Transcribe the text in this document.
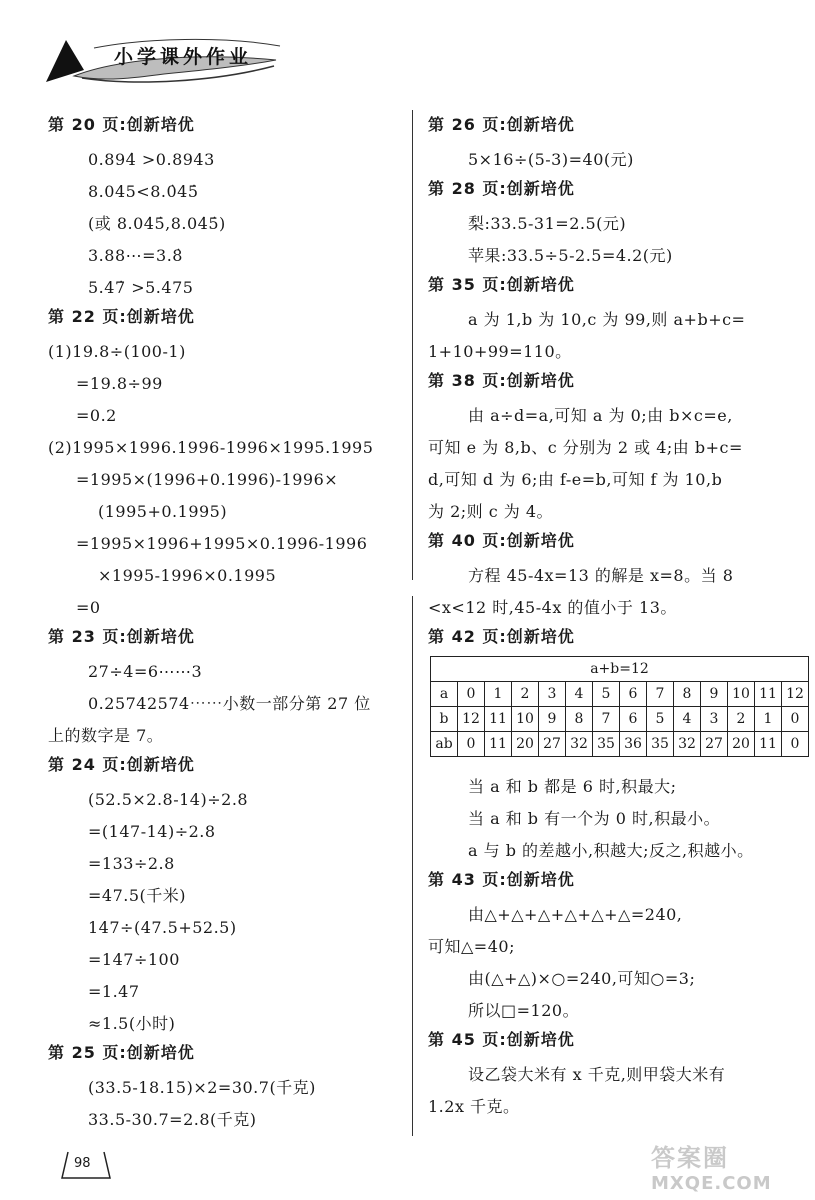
小学课外作业
第 20 页:创新培优
0.894̇ >0.8943
8.045<8.0̇45̇
(或 8.04̇5̇,8.04̇5̇)
3.88⋯=3.8̇
5.47̇ >5.475
第 22 页:创新培优
(1)19.8÷(100-1)
=19.8÷99
=0.2
(2)1995×1996.1996-1996×1995.1995
=1995×(1996+0.1996)-1996×
(1995+0.1995)
=1995×1996+1995×0.1996-1996
×1995-1996×0.1995
=0
第 23 页:创新培优
27÷4=6⋯⋯3
0.25742574⋯⋯小数一部分第 27 位
上的数字是 7。
第 24 页:创新培优
(52.5×2.8-14)÷2.8
=(147-14)÷2.8
=133÷2.8
=47.5(千米)
147÷(47.5+52.5)
=147÷100
=1.47
≈1.5(小时)
第 25 页:创新培优
(33.5-18.15)×2=30.7(千克)
33.5-30.7=2.8(千克)
第 26 页:创新培优
5×16÷(5-3)=40(元)
第 28 页:创新培优
梨:33.5-31=2.5(元)
苹果:33.5÷5-2.5=4.2(元)
第 35 页:创新培优
a 为 1,b 为 10,c 为 99,则 a+b+c=
1+10+99=110。
第 38 页:创新培优
由 a÷d=a,可知 a 为 0;由 b×c=e,
可知 e 为 8,b、c 分别为 2 或 4;由 b+c=
d,可知 d 为 6;由 f-e=b,可知 f 为 10,b
为 2;则 c 为 4。
第 40 页:创新培优
方程 45-4x=13 的解是 x=8。当 8
<x<12 时,45-4x 的值小于 13。
第 42 页:创新培优
a+b=12													
a	0	1	2	3	4	5	6	7	8	9	10	11	12
b	12	11	10	9	8	7	6	5	4	3	2	1	0
ab	0	11	20	27	32	35	36	35	32	27	20	11	0
当 a 和 b 都是 6 时,积最大;
当 a 和 b 有一个为 0 时,积最小。
a 与 b 的差越小,积越大;反之,积越小。
第 43 页:创新培优
由△+△+△+△+△+△=240,
可知△=40;
由(△+△)×○=240,可知○=3;
所以□=120。
第 45 页:创新培优
设乙袋大米有 x 千克,则甲袋大米有
1.2x 千克。
98	答案圈
MXQE.COM
